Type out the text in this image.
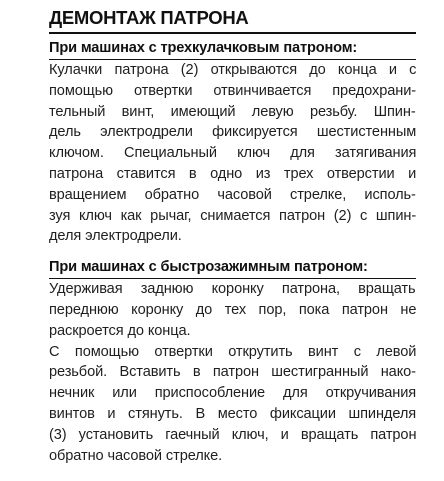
ДЕМОНТАЖ ПАТРОНА
При машинах с трехкулачковым патроном:

Кулачки патрона (2) открываются до конца и с
помощью отвертки отвинчивается предохрани-
тельный винт, имеющий левую резьбу. Шпин-
дель электродрели фиксируется шестистенным
ключом. Специальный ключ для затягивания
патрона ставится в одно из трех отверстии и
вращением обратно часовой стрелке, исполь-
зуя ключ как рычаг, снимается патрон (2) с шпин-
деля электродрели.

При машинах с быстрозажимным патроном:

Удерживая заднюю коронку патрона, вращать
переднюю коронку до тех пор, пока патрон не
раскроется до конца.

С помощью отвертки открутить винт с левой
резьбой. Вставить в патрон шестигранный нако-
нечник или приспособление для откручивания
винтов и стянуть. В место фиксации шпинделя
(3) установить гаечный ключ, и вращать патрон
обратно часовой стрелке.
